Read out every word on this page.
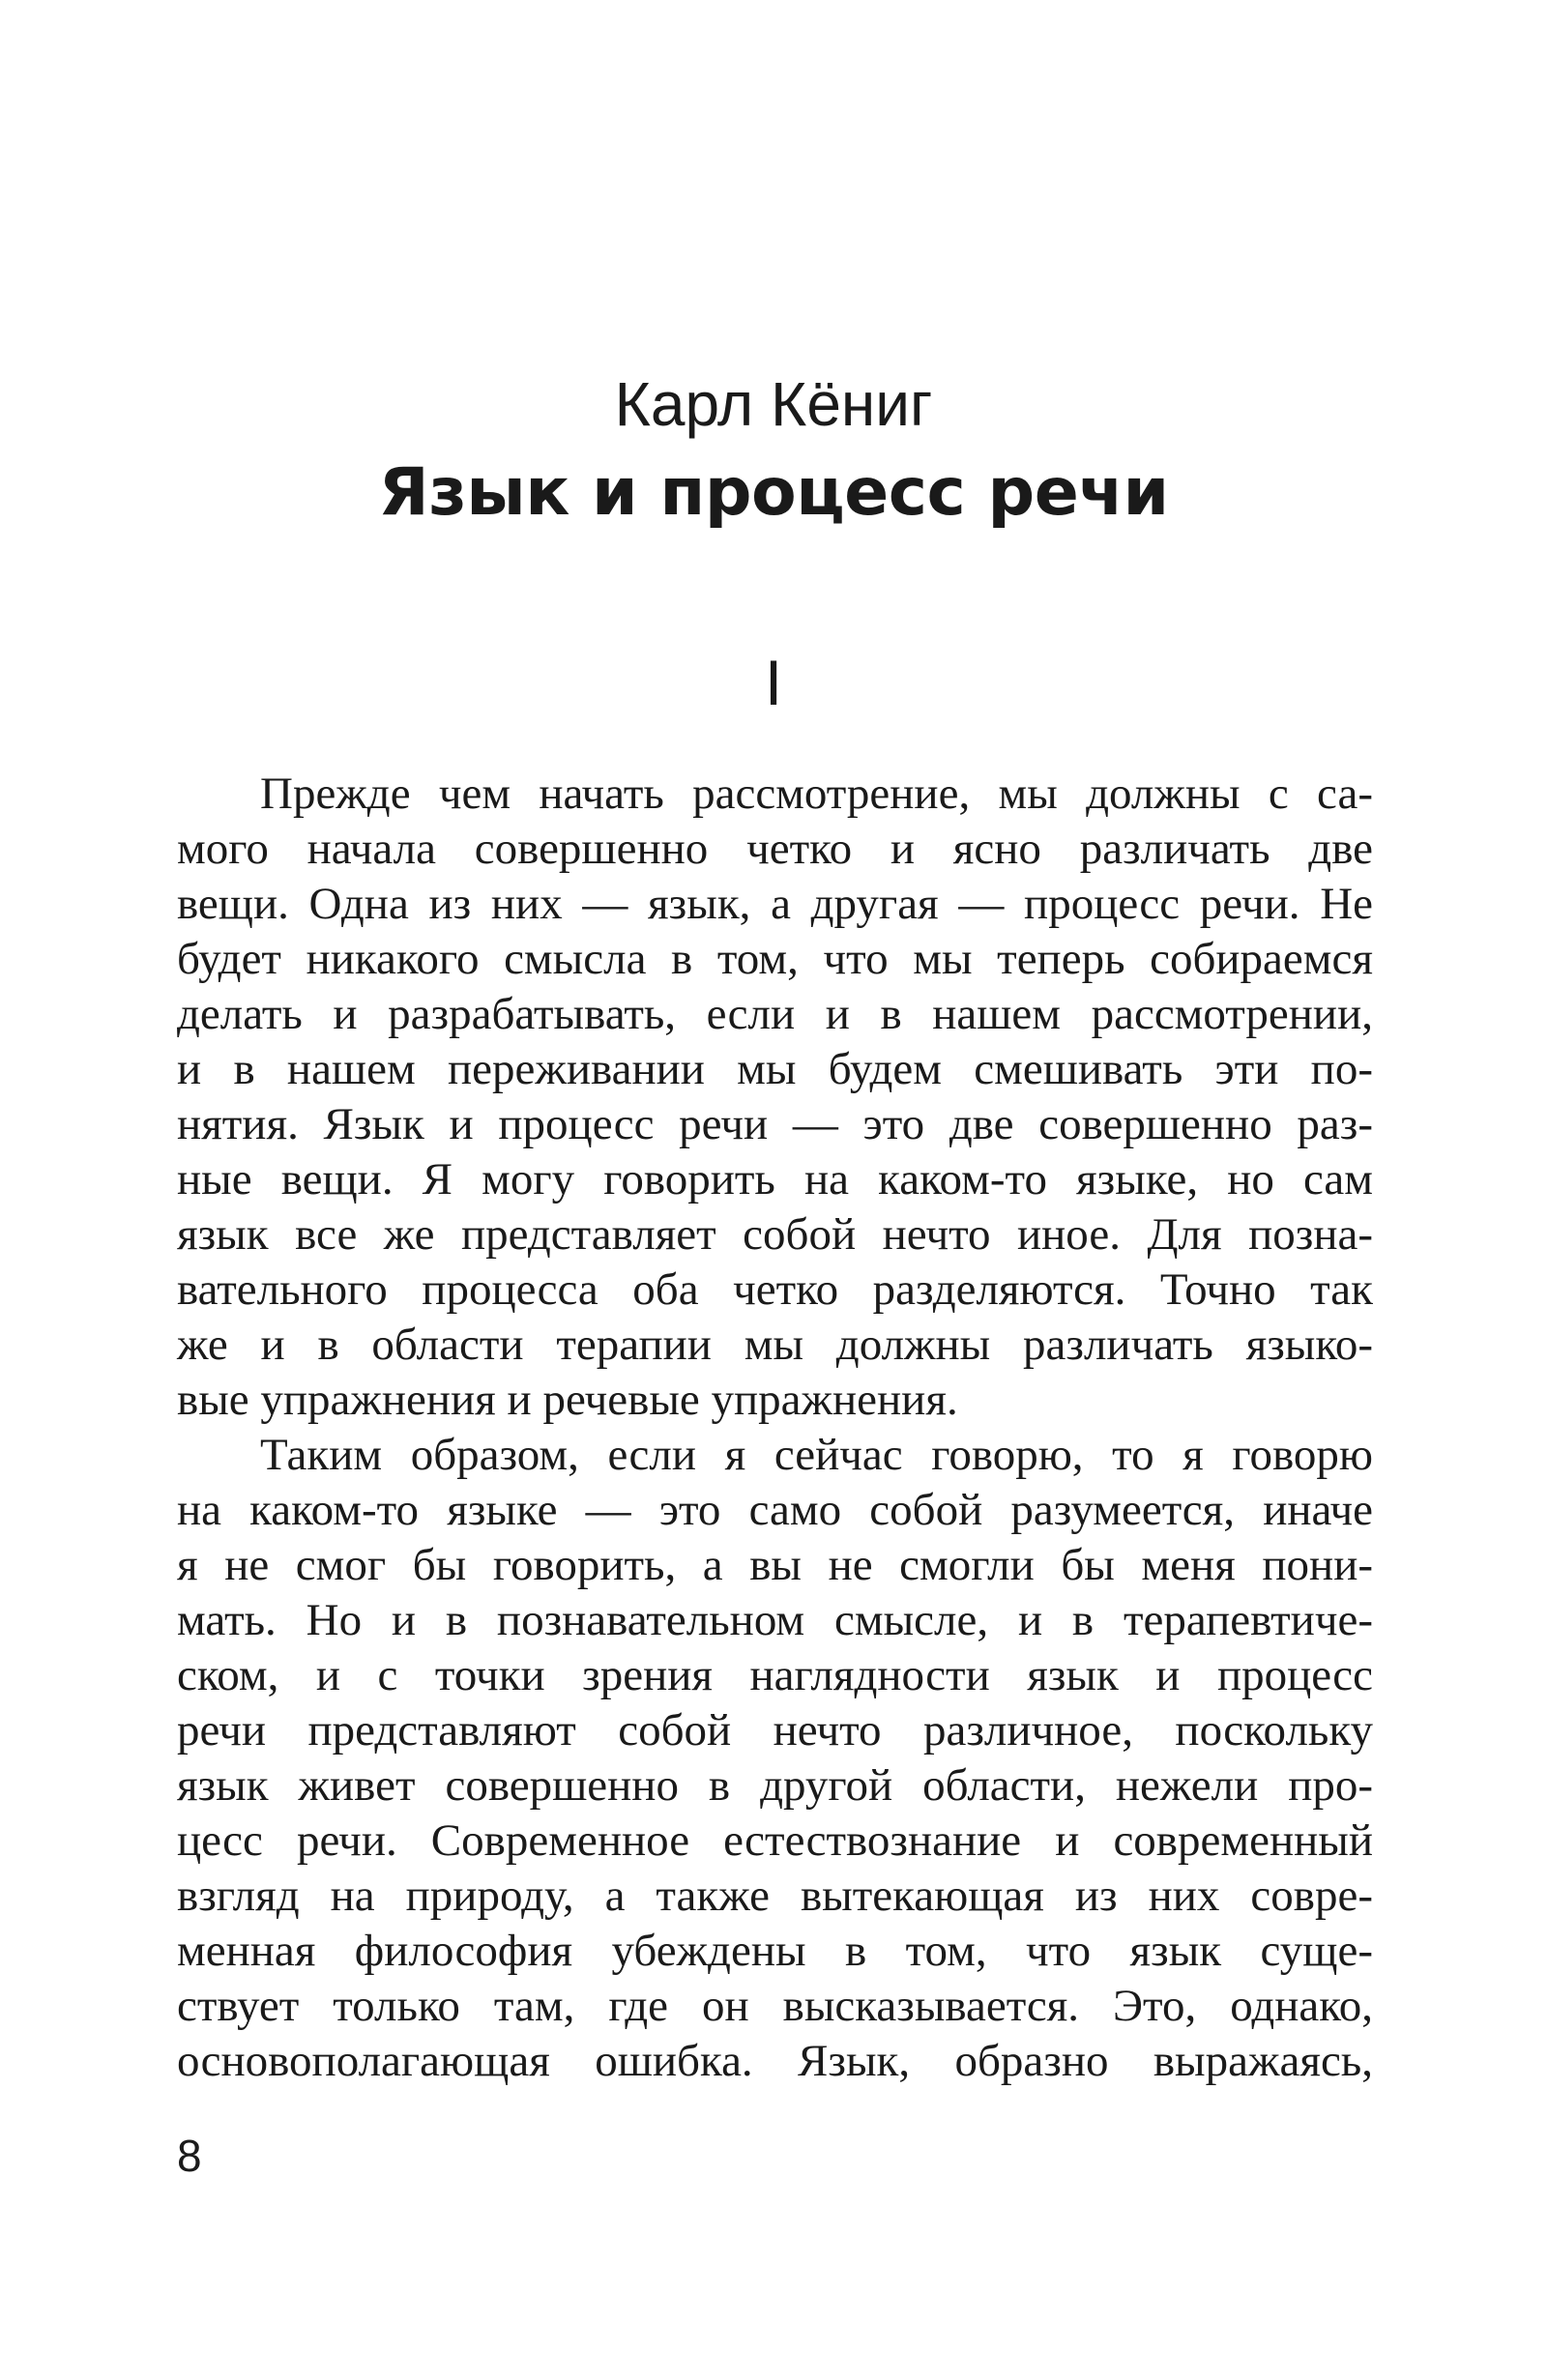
Карл Кёниг
Язык и процесс речи
I
Прежде чем начать рассмотрение, мы должны с са-
мого начала совершенно четко и ясно различать две
вещи. Одна из них — язык, а другая — процесс речи. Не
будет никакого смысла в том, что мы теперь собираемся
делать и разрабатывать, если и в нашем рассмотрении,
и в нашем переживании мы будем смешивать эти по-
нятия. Язык и процесс речи — это две совершенно раз-
ные вещи. Я могу говорить на каком-то языке, но сам
язык все же представляет собой нечто иное. Для позна-
вательного процесса оба четко разделяются. Точно так
же и в области терапии мы должны различать языко-
вые упражнения и речевые упражнения.
Таким образом, если я сейчас говорю, то я говорю
на каком-то языке — это само собой разумеется, иначе
я не смог бы говорить, а вы не смогли бы меня пони-
мать. Но и в познавательном смысле, и в терапевтиче-
ском, и с точки зрения наглядности язык и процесс
речи представляют собой нечто различное, поскольку
язык живет совершенно в другой области, нежели про-
цесс речи. Современное естествознание и современный
взгляд на природу, а также вытекающая из них совре-
менная философия убеждены в том, что язык суще-
ствует только там, где он высказывается. Это, однако,
основополагающая ошибка. Язык, образно выражаясь,
8
